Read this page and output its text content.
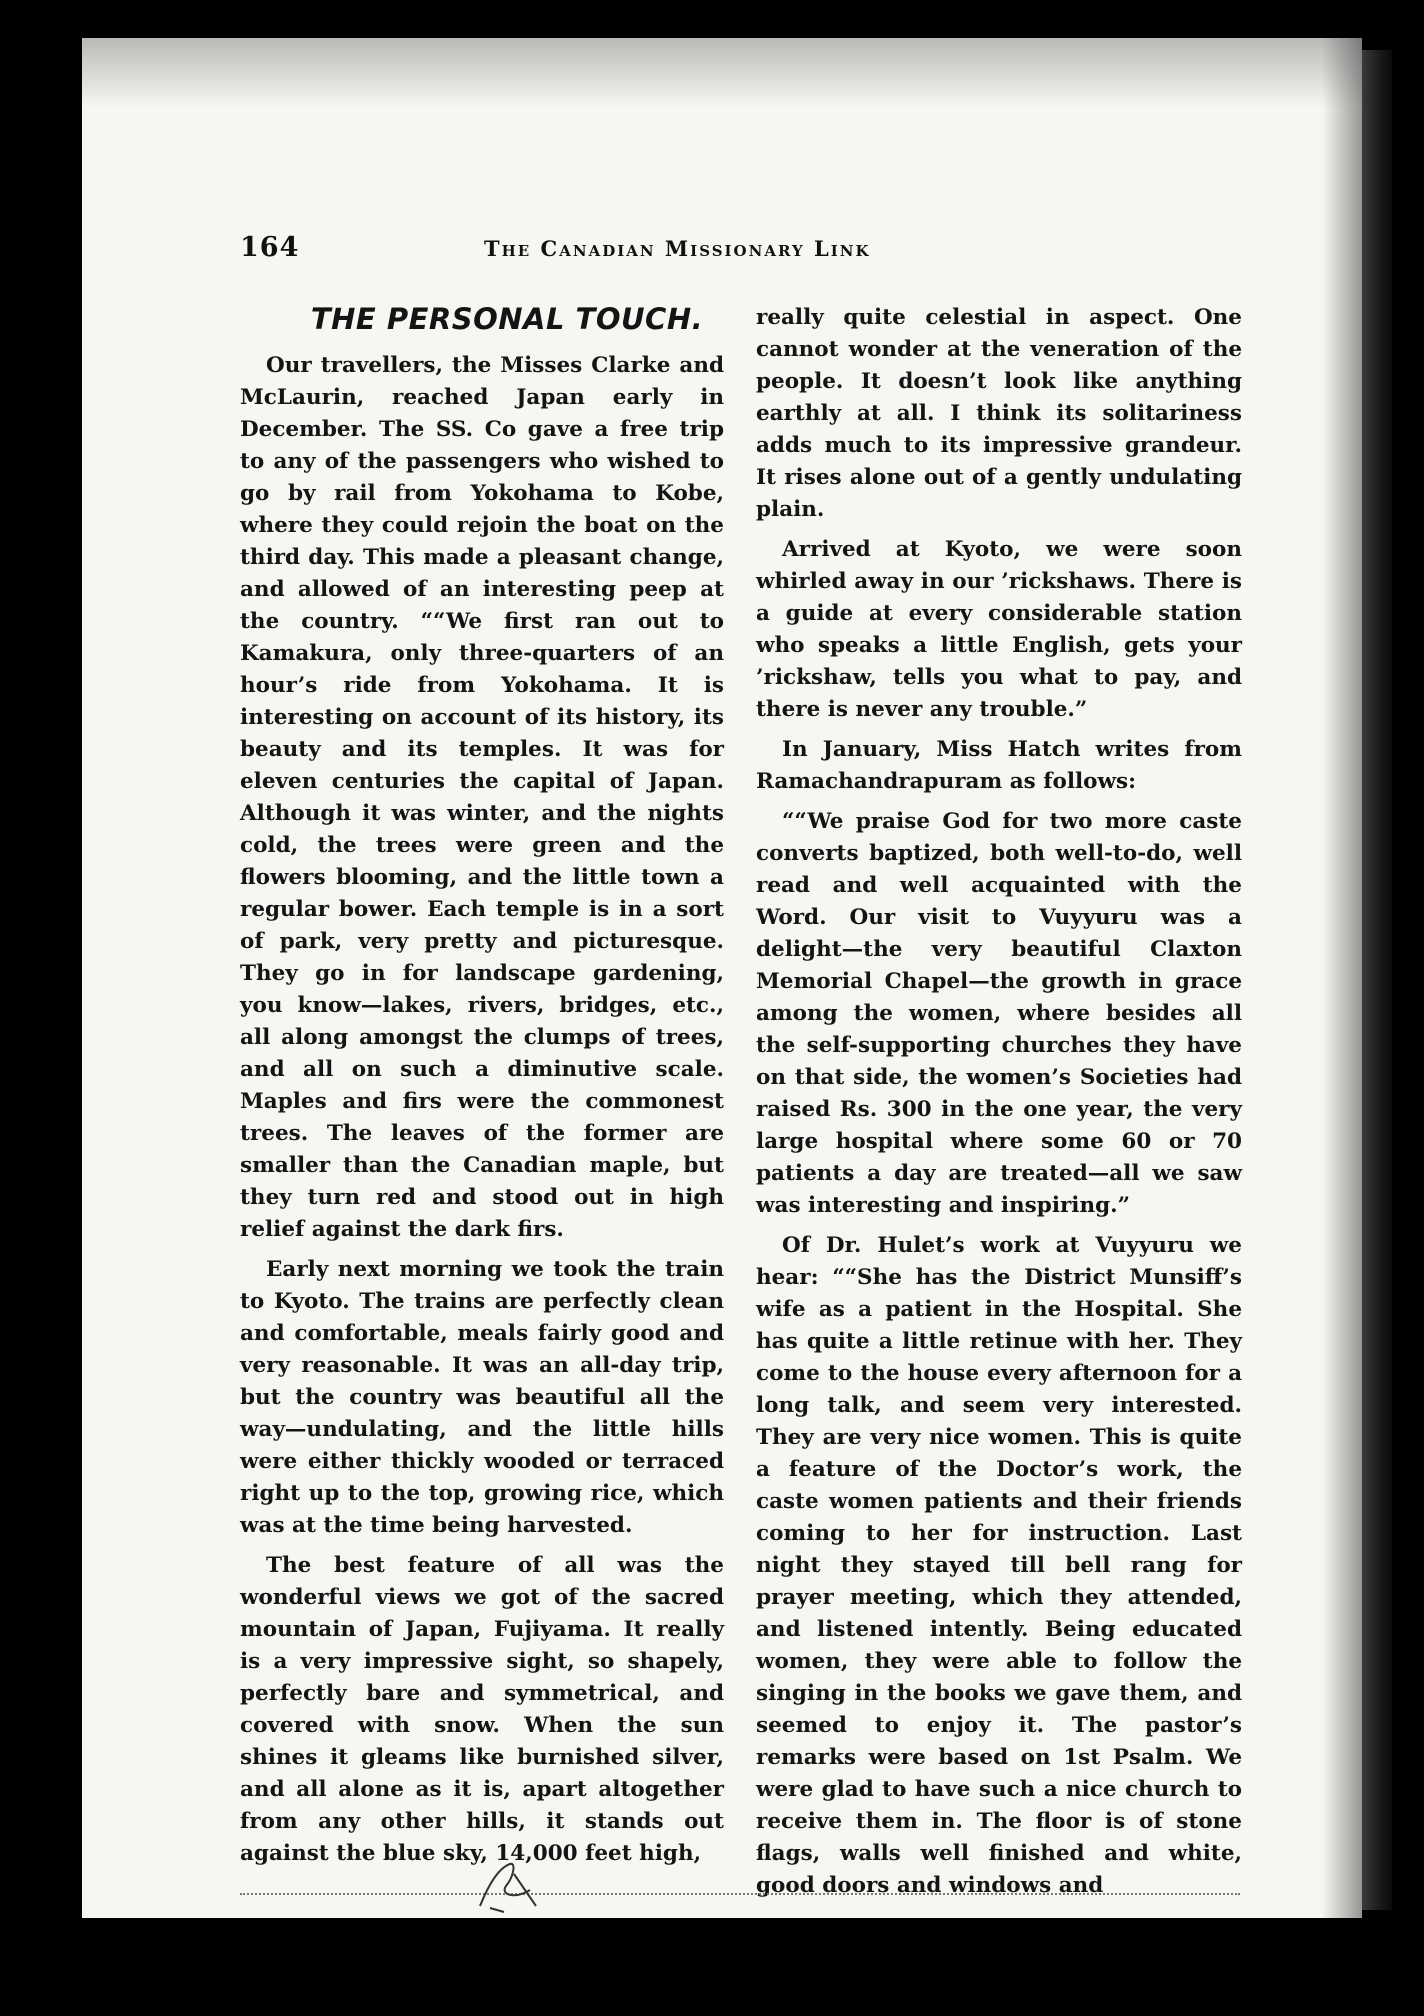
164	The Canadian Missionary Link
THE PERSONAL TOUCH.

Our travellers, the Misses Clarke and McLaurin, reached Japan early in December. The SS. Co gave a free trip to any of the passengers who wished to go by rail from Yokohama to Kobe, where they could rejoin the boat on the third day. This made a pleasant change, and allowed of an interesting peep at the country. ““We first ran out to Kamakura, only three-quarters of an hour’s ride from Yokohama. It is interesting on account of its history, its beauty and its temples. It was for eleven centuries the capital of Japan. Although it was winter, and the nights cold, the trees were green and the flowers blooming, and the little town a regular bower. Each temple is in a sort of park, very pretty and picturesque. They go in for landscape gardening, you know—lakes, rivers, bridges, etc., all along amongst the clumps of trees, and all on such a diminutive scale. Maples and firs were the commonest trees. The leaves of the former are smaller than the Canadian maple, but they turn red and stood out in high relief against the dark firs.

Early next morning we took the train to Kyoto. The trains are perfectly clean and comfortable, meals fairly good and very reasonable. It was an all-day trip, but the country was beautiful all the way—undulating, and the little hills were either thickly wooded or terraced right up to the top, growing rice, which was at the time being harvested.

The best feature of all was the wonderful views we got of the sacred mountain of Japan, Fujiyama. It really is a very impressive sight, so shapely, perfectly bare and symmetrical, and covered with snow. When the sun shines it gleams like burnished silver, and all alone as it is, apart altogether from any other hills, it stands out against the blue sky, 14,000 feet high,

really quite celestial in aspect. One cannot wonder at the veneration of the people. It doesn’t look like anything earthly at all. I think its solitariness adds much to its impressive grandeur. It rises alone out of a gently undulating plain.

Arrived at Kyoto, we were soon whirled away in our ’rickshaws. There is a guide at every considerable station who speaks a little English, gets your ’rickshaw, tells you what to pay, and there is never any trouble.”

In January, Miss Hatch writes from Ramachandrapuram as follows:

““We praise God for two more caste converts baptized, both well-to-do, well read and well acquainted with the Word. Our visit to Vuyyuru was a delight—the very beautiful Claxton Memorial Chapel—the growth in grace among the women, where besides all the self-supporting churches they have on that side, the women’s Societies had raised Rs. 300 in the one year, the very large hospital where some 60 or 70 patients a day are treated—all we saw was interesting and inspiring.”

Of Dr. Hulet’s work at Vuyyuru we hear: ““She has the District Munsiff’s wife as a patient in the Hospital. She has quite a little retinue with her. They come to the house every afternoon for a long talk, and seem very interested. They are very nice women. This is quite a feature of the Doctor’s work, the caste women patients and their friends coming to her for instruction. Last night they stayed till bell rang for prayer meeting, which they attended, and listened intently. Being educated women, they were able to follow the singing in the books we gave them, and seemed to enjoy it. The pastor’s remarks were based on 1st Psalm. We were glad to have such a nice church to receive them in. The floor is of stone flags, walls well finished and white, good doors and windows and
